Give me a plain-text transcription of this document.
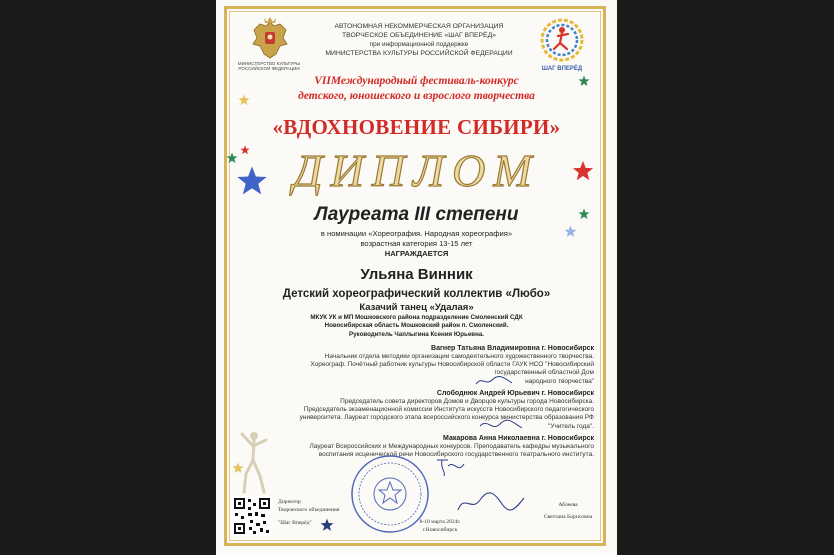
МИНИСТЕРСТВО КУЛЬТУРЫ РОССИЙСКОЙ ФЕДЕРАЦИИ
АВТОНОМНАЯ НЕКОММЕРЧЕСКАЯ ОРГАНИЗАЦИЯ
ТВОРЧЕСКОЕ ОБЪЕДИНЕНИЕ «ШАГ ВПЕРЁД»
при информационной поддержке
МИНИСТЕРСТВА КУЛЬТУРЫ РОССИЙСКОЙ ФЕДЕРАЦИИ
ШАГ ВПЕРЁД
VIIМеждународный фестиваль-конкурс
детского, юношеского и взрослого творчества
«ВДОХНОВЕНИЕ СИБИРИ»
ДИПЛОМ
Лауреата III степени
в номинации «Хореография. Народная хореография»
возрастная категория 13-15 лет
НАГРАЖДАЕТСЯ
Ульяна Винник
Детский хореографический коллектив «Любо»
Казачий танец «Удалая»
МКУК УК и МП Мошковского района подразделение Смоленский СДК
Новосибирская область Мошковский район п. Смоленский.
Руководитель Чаплыгина Ксения Юрьевна.
Вагнер Татьяна Владимировна г. Новосибирск
Начальник отдела методики организации самодеятельного художественного творчества.
Хореограф. Почётный работник культуры Новосибирской области ГАУК НСО "Новосибирский
государственный областной Дом
народного творчества"
Слободнюк Андрей Юрьевич г. Новосибирск
Председатель совета директоров Домов и Дворцов культуры города Новосибирска.
Председатель экзаменационной комиссии Института искусств Новосибирского педагогического
университета. Лауреат городского этапа всероссийского конкурса министерства образования РФ
"Учитель года".
Макарова Анна Николаевна г. Новосибирск
Лауреат Всероссийских и Международных конкурсов. Преподаватель кафедры музыкального
воспитания исценической речи Новосибирского государственного театрального института.
Директор
Творческого объединения
"Шаг Вперёд"	8-10 марта 2024г.
г.Новосибирск
Аблеева
Светлана Борисовна
